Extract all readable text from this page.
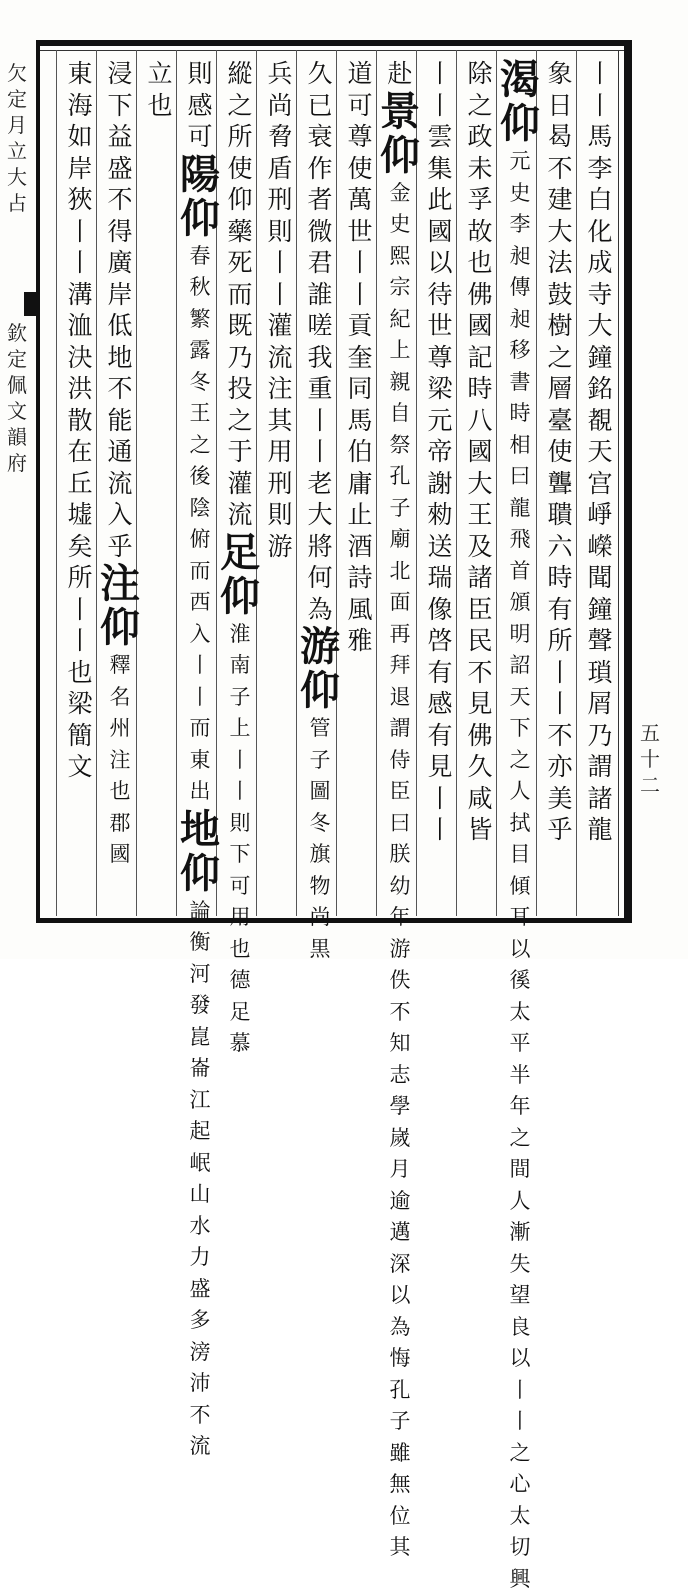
欠定月立大占
欽定佩文韻府
五十二
丨丨馬李白化成寺大鐘銘覩天宫崢嶸聞鐘聲瑣屑乃謂諸龍
象日曷不建大法鼓樹之層臺使聾聵六時有所丨丨不亦美乎
渴仰
元史李昶傳昶移書時相曰龍飛首頒明詔天下之人拭目傾耳以徯太平半年之間人漸失望良以丨丨之心太切興
除之政未孚故也佛國記時八國大王及諸臣民不見佛久咸皆
丨丨雲集此國以待世尊梁元帝謝勑送瑞像啓有感有見丨丨
赴
景仰
金史熙宗紀上親自祭孔子廟北面再拜退謂侍臣曰朕幼年游佚不知志學嵗月逾邁深以為悔孔子雖無位其
道可尊使萬世丨丨貢奎同馬伯庸止酒詩風雅
久已衰作者微君誰嗟我重丨丨老大將何為
游仰
管子圖冬旗物尚黒
兵尚脅盾刑則丨丨灌流注其用刑則游
縱之所使仰藥死而既乃投之于灌流
足仰
淮南子上丨丨則下可用也德足慕
則感可
陽仰
春秋繁露冬王之後陰俯而西入丨丨而東出
地仰
論衡河發崑崙江起岷山水力盛多滂沛不流
立也
浸下益盛不得廣岸低地不能通流入乎
注仰
釋名州注也郡國
東海如岸狹丨丨溝洫決洪散在丘墟矣所丨丨也梁簡文
